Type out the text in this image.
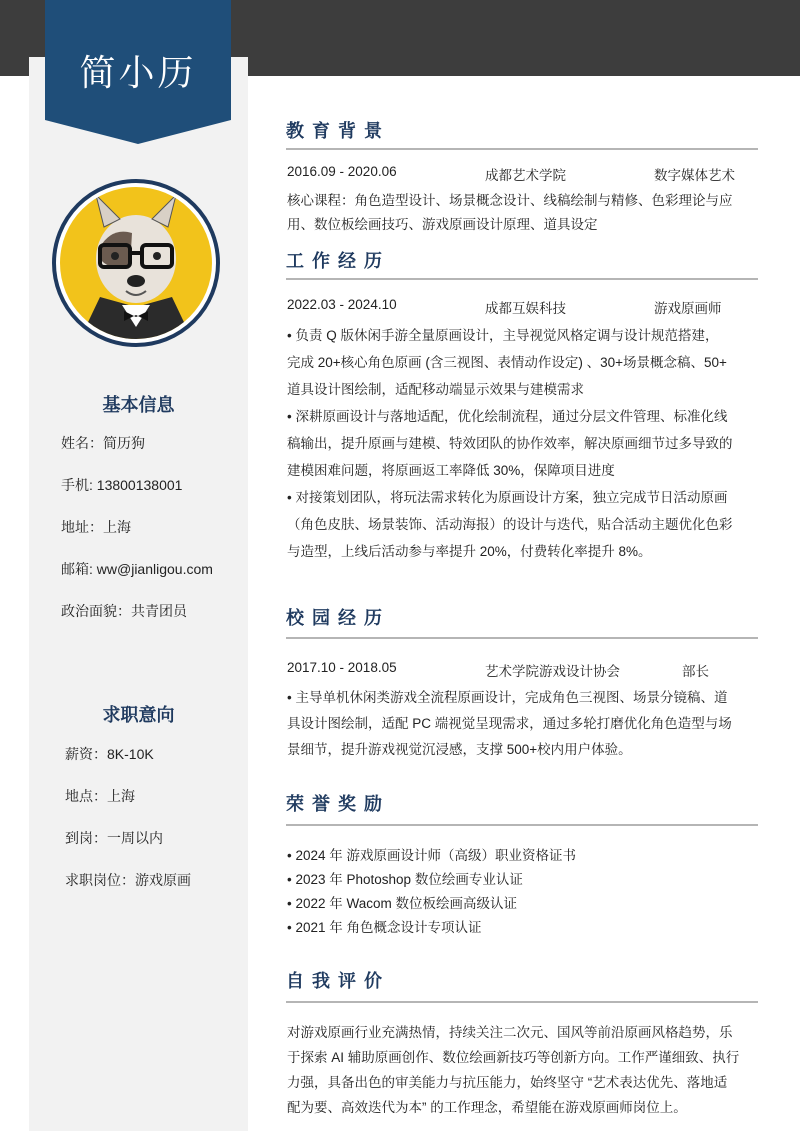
简小历
基本信息
姓名：简历狗
手机: 13800138001
地址：上海
邮箱: ww@jianligou.com
政治面貌：共青团员
求职意向
薪资：8K-10K
地点：上海
到岗：一周以内
求职岗位：游戏原画
教育背景
2016.09 - 2020.06	成都艺术学院	数字媒体艺术
核心课程：角色造型设计、场景概念设计、线稿绘制与精修、色彩理论与应
用、数位板绘画技巧、游戏原画设计原理、道具设定
工作经历
2022.03 - 2024.10	成都互娱科技	游戏原画师
• 负责 Q 版休闲手游全量原画设计，主导视觉风格定调与设计规范搭建，
完成 20+核心角色原画 (含三视图、表情动作设定) 、30+场景概念稿、50+
道具设计图绘制，适配移动端显示效果与建模需求
• 深耕原画设计与落地适配，优化绘制流程，通过分层文件管理、标准化线
稿输出，提升原画与建模、特效团队的协作效率，解决原画细节过多导致的
建模困难问题，将原画返工率降低 30%，保障项目进度
• 对接策划团队，将玩法需求转化为原画设计方案，独立完成节日活动原画
（角色皮肤、场景装饰、活动海报）的设计与迭代，贴合活动主题优化色彩
与造型，上线后活动参与率提升 20%，付费转化率提升 8%。
校园经历
2017.10 - 2018.05	艺术学院游戏设计协会	部长
• 主导单机休闲类游戏全流程原画设计，完成角色三视图、场景分镜稿、道
具设计图绘制，适配 PC 端视觉呈现需求，通过多轮打磨优化角色造型与场
景细节，提升游戏视觉沉浸感，支撑 500+校内用户体验。
荣誉奖励
• 2024 年 游戏原画设计师（高级）职业资格证书
• 2023 年 Photoshop 数位绘画专业认证
• 2022 年 Wacom 数位板绘画高级认证
• 2021 年 角色概念设计专项认证
自我评价
对游戏原画行业充满热情，持续关注二次元、国风等前沿原画风格趋势，乐
于探索 AI 辅助原画创作、数位绘画新技巧等创新方向。工作严谨细致、执行
力强，具备出色的审美能力与抗压能力，始终坚守 “艺术表达优先、落地适
配为要、高效迭代为本” 的工作理念，希望能在游戏原画师岗位上。
